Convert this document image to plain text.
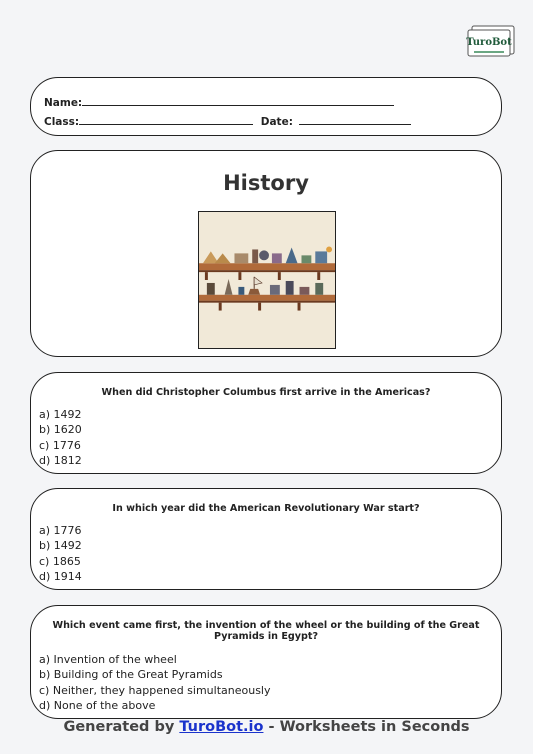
TuroBot
Name:
Class:	Date:
History
When did Christopher Columbus first arrive in the Americas?
a) 1492
b) 1620
c) 1776
d) 1812
In which year did the American Revolutionary War start?
a) 1776
b) 1492
c) 1865
d) 1914
Which event came first, the invention of the wheel or the building of the Great Pyramids in Egypt?
a) Invention of the wheel
b) Building of the Great Pyramids
c) Neither, they happened simultaneously
d) None of the above
Generated by TuroBot.io - Worksheets in Seconds
